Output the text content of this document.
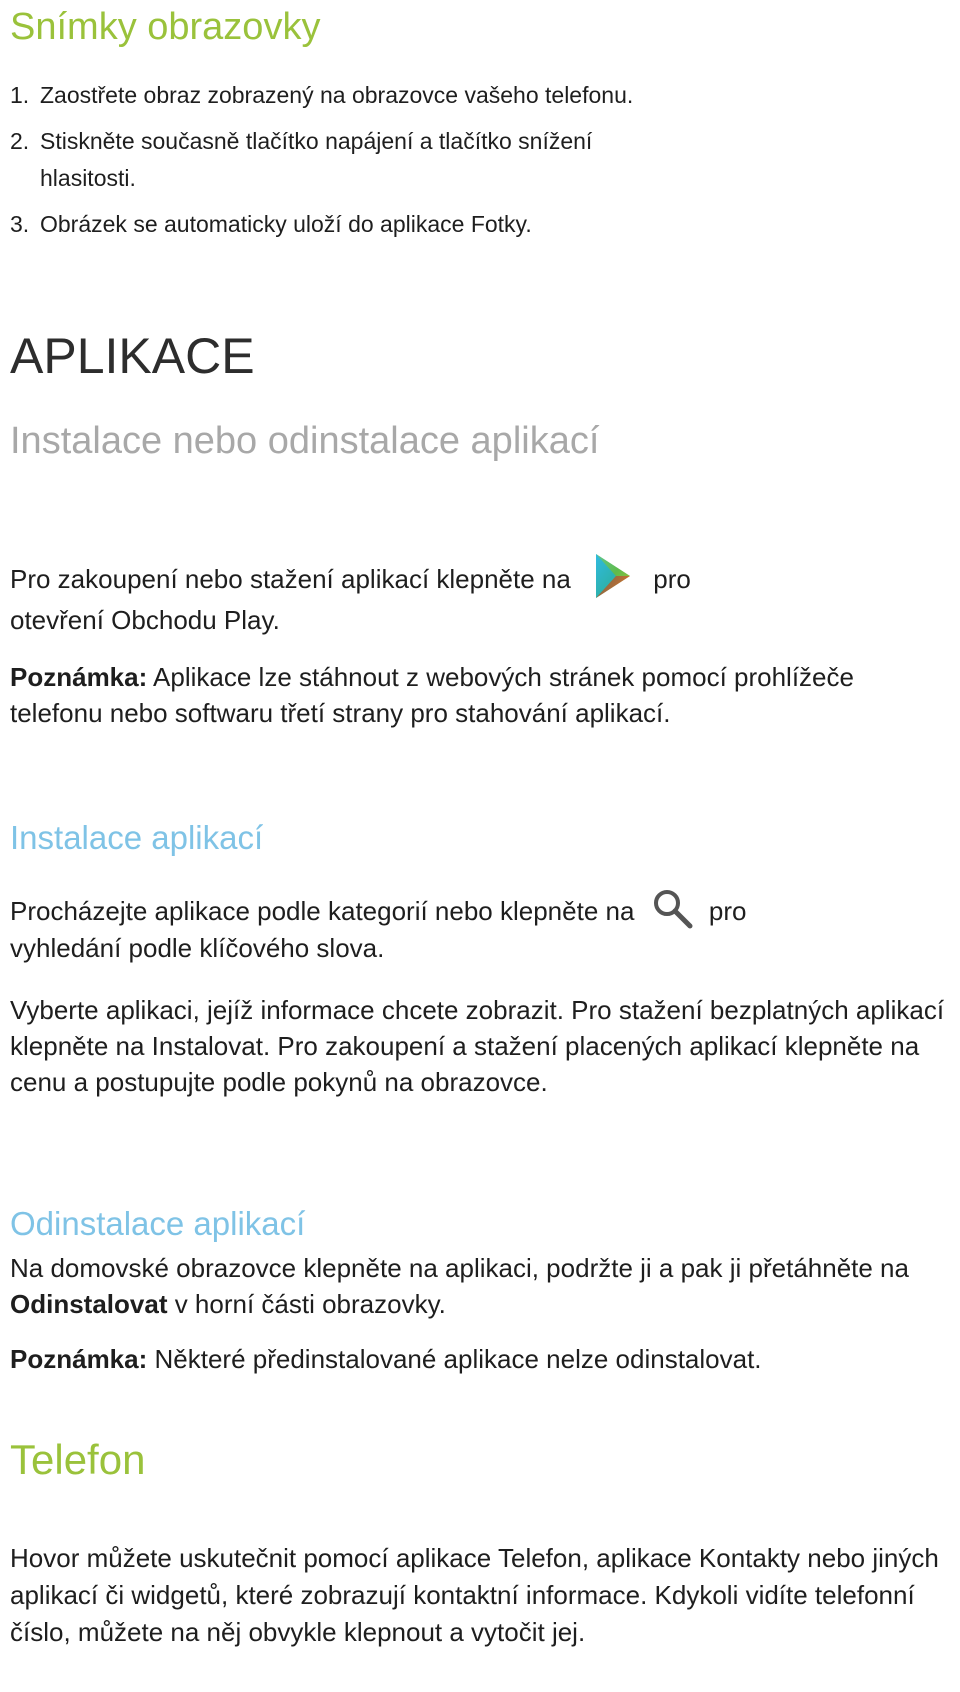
Snímky obrazovky
1. Zaostřete obraz zobrazený na obrazovce vašeho telefonu.
2. Stiskněte současně tlačítko napájení a tlačítko snížení
hlasitosti.
3. Obrázek se automaticky uloží do aplikace Fotky.
APLIKACE
Instalace nebo odinstalace aplikací

Pro zakoupení nebo stažení aplikací klepněte na	pro
otevření Obchodu Play.

Poznámka: Aplikace lze stáhnout z webových stránek pomocí prohlížeče telefonu nebo softwaru třetí strany pro stahování aplikací.

Instalace aplikací

Procházejte aplikace podle kategorií nebo klepněte na	pro
vyhledání podle klíčového slova.

Vyberte aplikaci, jejíž informace chcete zobrazit. Pro stažení bezplatných aplikací klepněte na Instalovat. Pro zakoupení a stažení placených aplikací klepněte na cenu a postupujte podle pokynů na obrazovce.

Odinstalace aplikací

Na domovské obrazovce klepněte na aplikaci, podržte ji a pak ji přetáhněte na Odinstalovat v horní části obrazovky.

Poznámka: Některé předinstalované aplikace nelze odinstalovat.

Telefon

Hovor můžete uskutečnit pomocí aplikace Telefon, aplikace Kontakty nebo jiných aplikací či widgetů, které zobrazují kontaktní informace. Kdykoli vidíte telefonní číslo, můžete na něj obvykle klepnout a vytočit jej.
